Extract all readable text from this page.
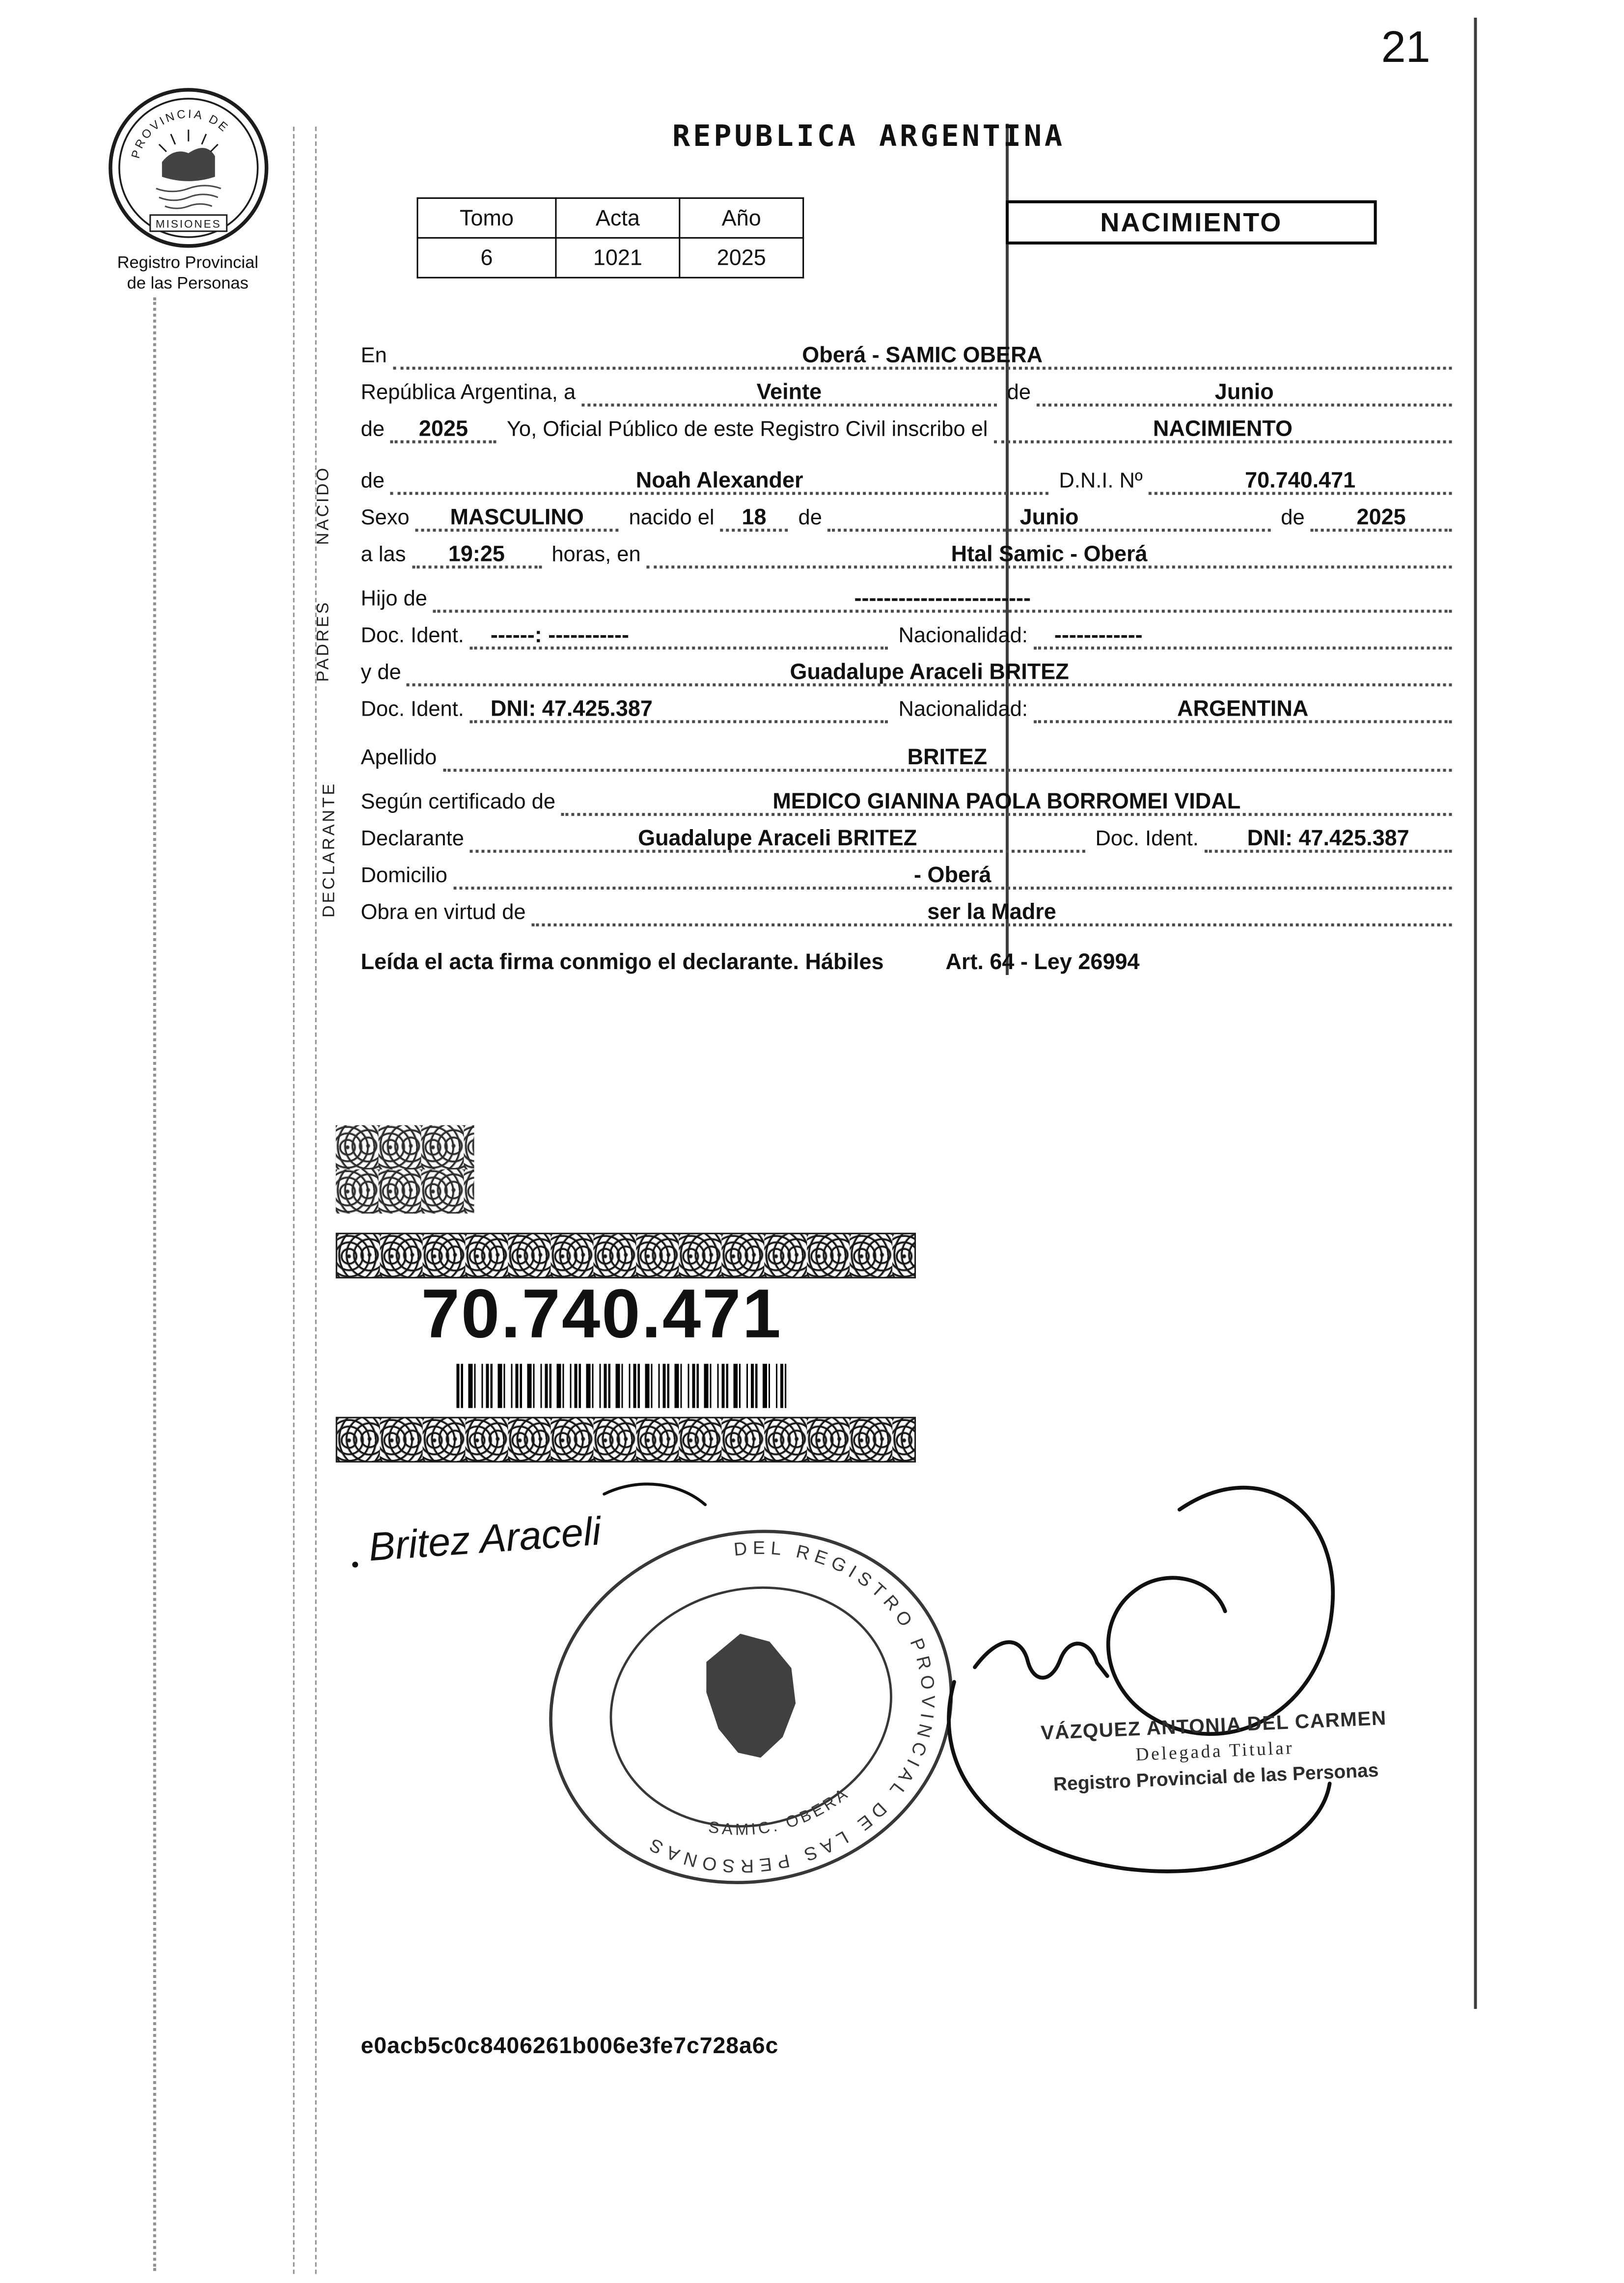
21
PROVINCIA DE
MISIONES
Registro Provincial
de las Personas
REPUBLICA ARGENTINA
Tomo	Acta	Año
6	1021	2025
NACIMIENTO
NACIDO
PADRES
DECLARANTE
En	Oberá - SAMIC OBERA
República Argentina, a	Veinte	de	Junio
de	2025	Yo, Oficial Público de este Registro Civil inscribo el	NACIMIENTO
de	Noah Alexander	D.N.I. Nº	70.740.471
Sexo	MASCULINO	nacido el	18	de	Junio	de	2025
a las	19:25	horas, en	Htal Samic - Oberá
Hijo de	------------------------
Doc. Ident.	------: -----------	Nacionalidad:	------------
y de	Guadalupe Araceli BRITEZ
Doc. Ident.	DNI: 47.425.387	Nacionalidad:	ARGENTINA
Apellido	BRITEZ
Según certificado de	MEDICO GIANINA PAOLA BORROMEI VIDAL
Declarante	Guadalupe Araceli BRITEZ	Doc. Ident.	DNI: 47.425.387
Domicilio	- Oberá
Obra en virtud de	ser la Madre
Leída el acta firma conmigo el declarante. Hábiles	Art. 64 - Ley 26994
70.740.471
Britez Araceli	DEL REGISTRO PROVINCIAL DE LAS PERSONAS
SAMIC. OBERA
VÁZQUEZ ANTONIA DEL CARMEN
Delegada Titular
Registro Provincial de las Personas
e0acb5c0c8406261b006e3fe7c728a6c
